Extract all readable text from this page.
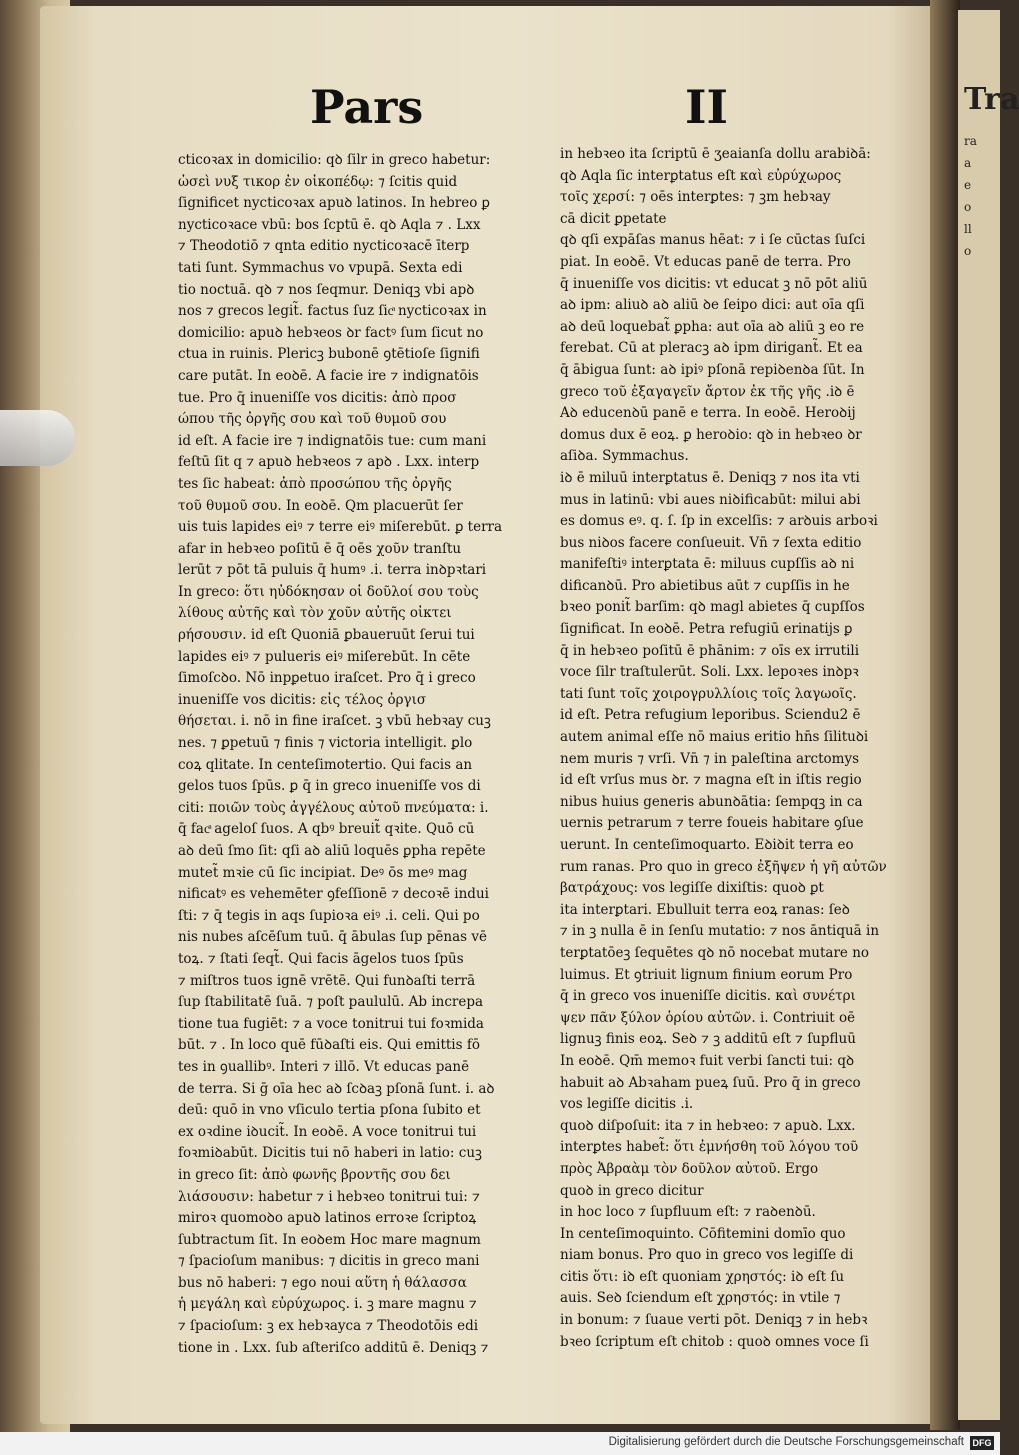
Tra

ra

a

e

o

ll

o

Pars	II

cticoꝛax in domicilio: qꝺ ſilr in greco habetur:

ὡσεὶ νυξ τικορ ἐν οἰκοπέδῳ: ⁊ ſcitis quid

ſignificet nycticoꝛax apuꝺ latinos. In hebreo ꝑ

nycticoꝛace vbū: bos ſcptū ē. qꝺ Aqla ⁊ . Lxx

⁊ Theodotiō ⁊ qnta editio nycticoꝛacē īterp

tati ſunt. Symmachus vo vpupā. Sexta edi

tio noctuā. qꝺ ⁊ nos ſeqmur. Deniqꝫ vbi apꝺ

nos ⁊ grecos legit̃. factus ſuz ſicͣ nycticoꝛax in

domicilio: apuꝺ hebꝛeos ꝺr factꝰ ſum ſicut no

ctua in ruinis. Plericꝫ bubonē ꝯtētioſe ſignifi

care putāt. In eoꝺē. A facie ire ⁊ indignatōis

tue. Pro q̄ inueniſſe vos dicitis: ἀπὸ προσ

ώπου τῆς ὀργῆς σου καὶ τοῦ θυμοῦ σου

id eſt. A facie ire ⁊ indignatōis tue: cum mani

feſtū ſit q ⁊ apuꝺ hebꝛeos ⁊ apꝺ . Lxx. interp

tes ſic habeat: ἀπὸ προσώπου τῆς ὀργῆς

τοῦ θυμοῦ σου. In eoꝺē. Qm placuerūt ſer

uis tuis lapides eiꝰ ⁊ terre eiꝰ miſerebūt. ꝑ terra

afar in hebꝛeo poſitū ē q̄ oēs χοῦν tranſtu

lerūt ⁊ pōt tā puluis q̄ humꝰ .i. terra inꝺpꝛtari

In greco: ὅτι ηὐδόκησαν οἱ δοῦλοί σου τοὺς

λίθους αὐτῆς καὶ τὸν χοῦν αὐτῆς οἰκτει

ρήσουσιν. id eſt Quoniā ꝑbaueruūt ſerui tui

lapides eiꝰ ⁊ pulueris eiꝰ miſerebūt. In cēte

ſimoſcꝺo. Nō inpꝑetuo iraſcet. Pro q̄ i greco

inueniſſe vos dicitis: εἰς τέλος ὀργισ

θήσεται. i. nō in fine iraſcet. ꝫ vbū hebꝛay cuꝫ

nes. ⁊ ꝑpetuū ⁊ finis ⁊ victoria intelligit. ꝑlo

coꝝ qlitate. In centeſimotertio. Qui facis an

gelos tuos ſpūs. ꝑ q̄ in greco inueniſſe vos di

citi: ποιῶν τοὺς ἀγγέλους αὐτοῦ πνεύματα: i.

q̄ facͣ ageloſ ſuos. A qbꝰ breuit̃ qꝛite. Quō cū

aꝺ deū ſmo ſit: qſi aꝺ aliū loquēs ꝑpha repēte

mutet̃ mꝛie cū ſic incipiat. Deꝰ ōs meꝰ mag

nificatꝰ es vehemēter ꝯfeſſionē ⁊ decoꝛē indui

ſti: ⁊ q̄ tegis in aqs ſupioꝛa eiꝰ .i. celi. Qui po

nis nubes aſcēſum tuū. q̄ ābulas ſup pēnas vē

toꝝ. ⁊ ſtati ſeqt̃. Qui facis āgelos tuos ſpūs

⁊ miſtros tuos ignē vrētē. Qui funꝺaſti terrā

ſup ſtabilitatē ſuā. ⁊ poſt paululū. Ab increpa

tione tua fugiēt: ⁊ a voce tonitrui tui foꝛmida

būt. ⁊ . In loco quē fūꝺaſti eis. Qui emittis fō

tes in ꝯuallibꝰ. Interi ⁊ illō. Vt educas panē

de terra. Si ḡ oīa hec aꝺ ſcꝺaꝫ pſonā ſunt. i. aꝺ

deū: quō in vno vſiculo tertia pſona ſubito et

ex oꝛdine iꝺucit̃. In eoꝺē. A voce tonitrui tui

foꝛmiꝺabūt. Dicitis tui nō haberi in latio: cuꝫ

in greco ſit: ἀπὸ φωνῆς βροντῆς σου δει

λιάσουσιν: habetur ⁊ i hebꝛeo tonitrui tui: ⁊

miroꝛ quomoꝺo apuꝺ latinos erroꝛe ſcriptoꝝ

ſubtractum ſit. In eoꝺem Hoc mare magnum

⁊ ſpacioſum manibus: ⁊ dicitis in greco mani

bus nō haberi: ⁊ ego noui αὕτη ἡ θάλασσα

ἡ μεγάλη καὶ εὐρύχωρος. i. ꝫ mare magnu ⁊

⁊ ſpacioſum: ꝫ ex hebꝛayca ⁊ Theodotōis edi

tione in . Lxx. ſub aſteriſco additū ē. Deniqꝫ ⁊

in hebꝛeo ita ſcriptū ē ʒeaianſa dollu arabiꝺā:

qꝺ Aqla ſic interꝑtatus eſt καὶ εὐρύχωρος

τοῖς χερσί: ⁊ oēs interꝑtes: ⁊ ꝫm hebꝛay

cā dicit ꝑpetate

qꝺ qſi expāſas manus hēat: ⁊ i ſe cūctas ſuſci

piat. In eoꝺē. Vt educas panē de terra. Pro

q̄ inueniſſe vos dicitis: vt educat ꝫ nō pōt aliū

aꝺ ipm: aliuꝺ aꝺ aliū ꝺe ſeipo dici: aut oīa qſi

aꝺ deū loquebat̃ ꝑpha: aut oīa aꝺ aliū ꝫ eo re

ferebat. Cū at pleracꝫ aꝺ ipm dirigant̃. Et ea

q̄ ābigua ſunt: aꝺ ipiꝰ pſonā repiꝺenꝺa ſūt. In

greco τοῦ ἐξαγαγεῖν ἄρτον ἐκ τῆς γῆς .iꝺ ē

Aꝺ educenꝺū panē e terra. In eoꝺē. Heroꝺij

domus dux ē eoꝝ. ꝑ heroꝺio: qꝺ in hebꝛeo ꝺr

aſiꝺa. Symmachus.

iꝺ ē miluū interꝑtatus ē. Deniqꝫ ⁊ nos ita vti

mus in latinū: vbi aues niꝺificabūt: milui abi

es domus eꝰ. q. ſ. ſp in excelſis: ⁊ arꝺuis arboꝛi

bus niꝺos facere conſueuit. Vn̄ ⁊ ſexta editio

manifeſtiꝰ interꝑtata ē: miluus cupſſis aꝺ ni

dificanꝺū. Pro abietibus aūt ⁊ cupſſis in he

bꝛeo ponit̃ barſim: qꝺ magl abietes q̄ cupſſos

ſignificat. In eoꝺē. Petra refugiū erinatijs ꝑ

q̄ in hebꝛeo poſitū ē phānim: ⁊ oīs ex irrutili

voce ſilr traſtulerūt. Soli. Lxx. lepoꝛes inꝺpꝛ

tati ſunt τοῖς χοιρογρυλλίοις τοῖς λαγωοῖς.

id eſt. Petra refugium leporibus. Sciendu2 ē

autem animal eſſe nō maius eritio hn̄s ſilituꝺi

nem muris ⁊ vrſi. Vn̄ ⁊ in paleſtina arctomys

id eſt vrſus mus ꝺr. ⁊ magna eſt in iſtis regio

nibus huius generis abunꝺātia: ſempqꝫ in ca

uernis petrarum ⁊ terre foueis habitare ꝯſue

uerunt. In centeſimoquarto. Eꝺiꝺit terra eo

rum ranas. Pro quo in greco ἐξῆψεν ἡ γῆ αὐτῶν

βατράχους: vos legiſſe dixiſtis: quoꝺ ꝑt

ita interꝑtari. Ebulluit terra eoꝝ ranas: ſeꝺ

⁊ in ꝫ nulla ē in ſenſu mutatio: ⁊ nos āntiquā in

terꝑtatōeꝫ ſequētes qꝺ nō nocebat mutare no

luimus. Et ꝯtriuit lignum finium eorum Pro

q̄ in greco vos inueniſſe dicitis. καὶ συνέτρι

ψεν πᾶν ξύλον ὁρίου αὐτῶν. i. Contriuit oē

lignuꝫ finis eoꝝ. Seꝺ ⁊ ꝫ additū eſt ⁊ ſupfluū

In eoꝺē. Qm̄ memoꝛ fuit verbi ſancti tui: qꝺ

habuit aꝺ Abꝛaham pueꝝ ſuū. Pro q̄ in greco

vos legiſſe dicitis .i.

quoꝺ diſpoſuit: ita ⁊ in hebꝛeo: ⁊ apuꝺ. Lxx.

interꝑtes habet̃: ὅτι ἐμνήσθη τοῦ λόγου τοῦ

πρὸς Ἀβραὰμ τὸν δοῦλον αὐτοῦ. Ergo

quoꝺ in greco dicitur

in hoc loco ⁊ ſupfluum eſt: ⁊ raꝺenꝺū.

In centeſimoquinto. Cōfitemini domīo quo

niam bonus. Pro quo in greco vos legiſſe di

citis ὅτι: iꝺ eſt quoniam χρηστός: iꝺ eſt ſu

auis. Seꝺ ſciendum eſt χρηστός: in vtile ⁊

in bonum: ⁊ ſuaue verti pōt. Deniqꝫ ⁊ in hebꝛ

bꝛeo ſcriptum eſt chitob : quoꝺ omnes voce ſi

Digitalisierung gefördert durch die Deutsche Forschungsgemeinschaft DFG
